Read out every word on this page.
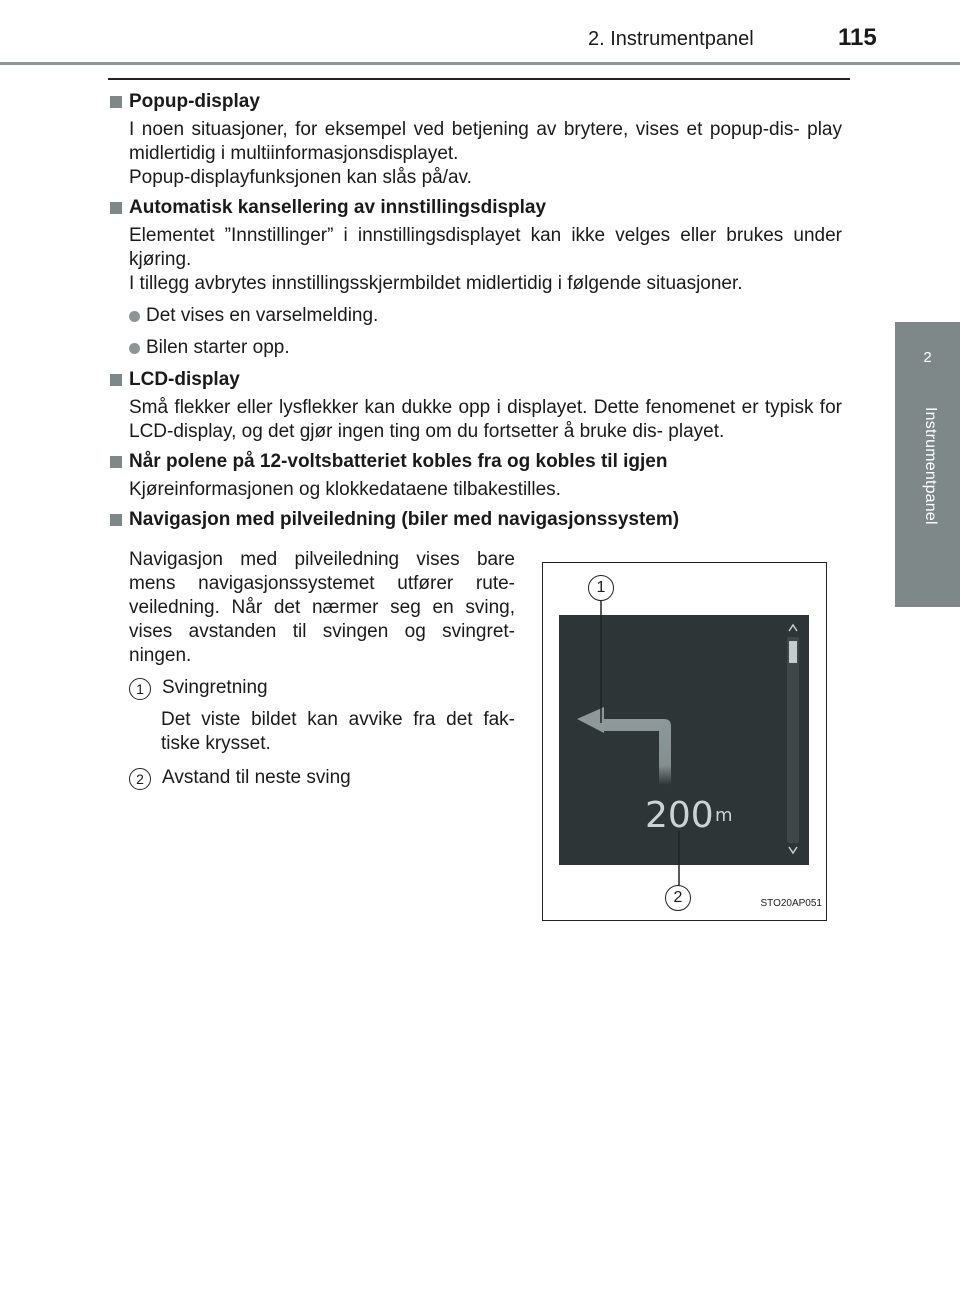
2. Instrumentpanel	115
2
Instrumentpanel
Popup-display
I noen situasjoner, for eksempel ved betjening av brytere, vises et popup-dis- play midlertidig i multiinformasjonsdisplayet.
Popup-displayfunksjonen kan slås på/av.
Automatisk kansellering av innstillingsdisplay
Elementet ”Innstillinger” i innstillingsdisplayet kan ikke velges eller brukes under kjøring.
I tillegg avbrytes innstillingsskjermbildet midlertidig i følgende situasjoner.
Det vises en varselmelding.
Bilen starter opp.
LCD-display
Små flekker eller lysflekker kan dukke opp i displayet. Dette fenomenet er typisk for LCD-display, og det gjør ingen ting om du fortsetter å bruke dis- playet.
Når polene på 12-voltsbatteriet kobles fra og kobles til igjen
Kjøreinformasjonen og klokkedataene tilbakestilles.
Navigasjon med pilveiledning (biler med navigasjonssystem)
Navigasjon med pilveiledning vises bare mens navigasjonssystemet utfører rute- veiledning. Når det nærmer seg en sving, vises avstanden til svingen og svingret- ningen.
1 Svingretning
Det viste bildet kan avvike fra det fak- tiske krysset.
2 Avstand til neste sving
200 m
1
2	STO20AP051
